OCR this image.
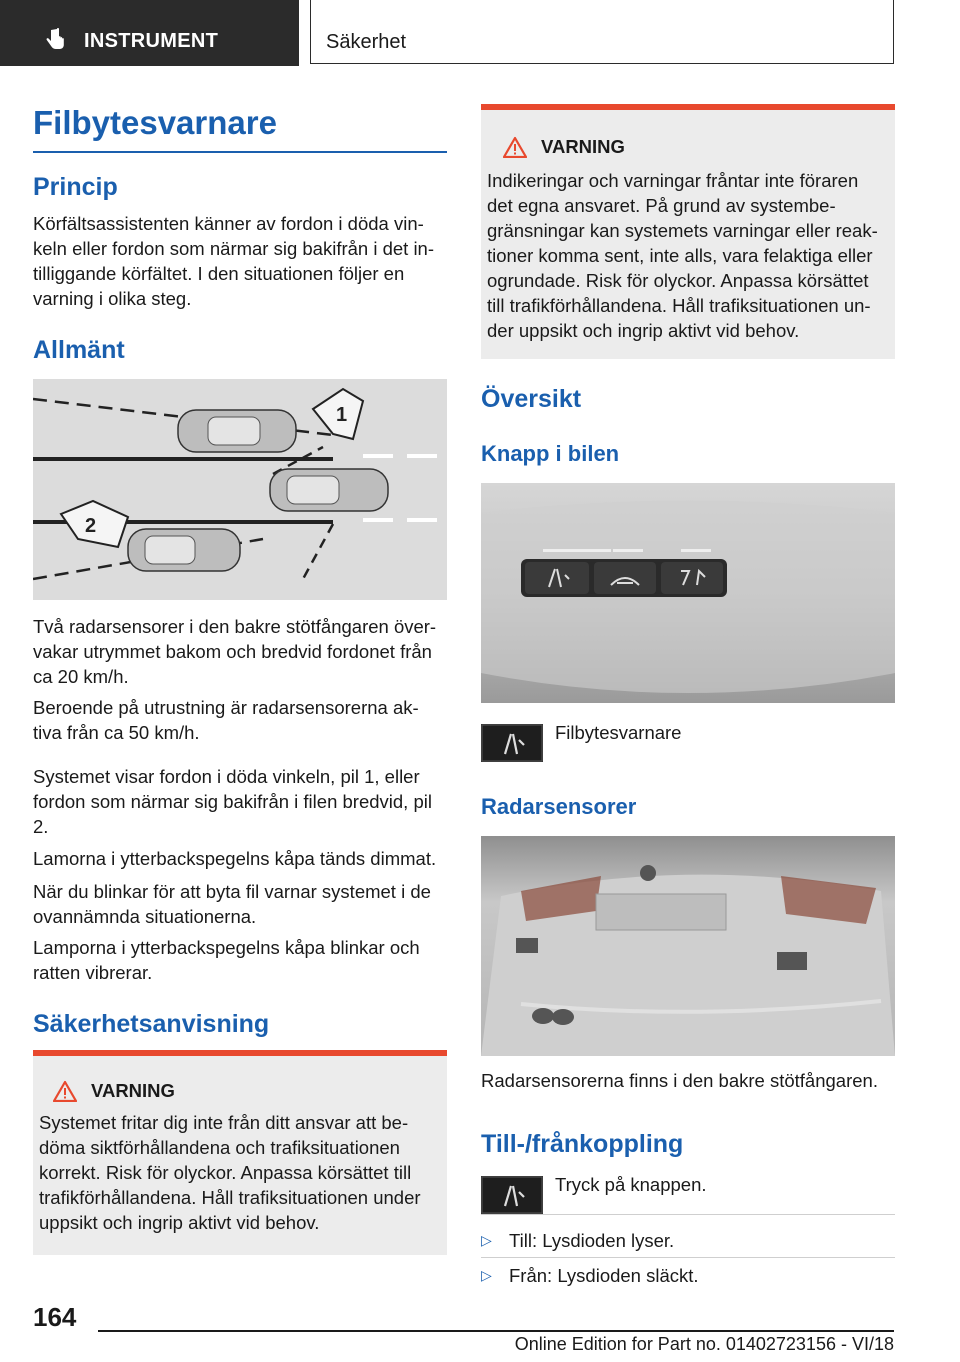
INSTRUMENT	Säkerhet
Filbytesvarnare
Princip
Körfältsassistenten känner av fordon i döda vin-keln eller fordon som närmar sig bakifrån i det in-tilliggande körfältet. I den situationen följer en varning i olika steg.
Allmänt
1
2
Två radarsensorer i den bakre stötfångaren över-vakar utrymmet bakom och bredvid fordonet från ca 20 km/h.
Beroende på utrustning är radarsensorerna ak-tiva från ca 50 km/h.
Systemet visar fordon i döda vinkeln, pil 1, eller fordon som närmar sig bakifrån i filen bredvid, pil 2.
Lamorna i ytterbackspegelns kåpa tänds dimmat.
När du blinkar för att byta fil varnar systemet i de ovannämnda situationerna.
Lamporna i ytterbackspegelns kåpa blinkar och ratten vibrerar.
Säkerhetsanvisning
VARNING
Systemet fritar dig inte från ditt ansvar att be-döma siktförhållandena och trafiksituationen korrekt. Risk för olyckor. Anpassa körsättet till trafikförhållandena. Håll trafiksituationen under uppsikt och ingrip aktivt vid behov.
VARNING
Indikeringar och varningar fråntar inte föraren det egna ansvaret. På grund av systembe-gränsningar kan systemets varningar eller reak-tioner komma sent, inte alls, vara felaktiga eller ogrundade. Risk för olyckor. Anpassa körsättet till trafikförhållandena. Håll trafiksituationen un-der uppsikt och ingrip aktivt vid behov.
Översikt
Knapp i bilen
Filbytesvarnare
Radarsensorer
Radarsensorerna finns i den bakre stötfångaren.
Till-/frånkoppling
Tryck på knappen.
▷ Till: Lysdioden lyser.
▷ Från: Lysdioden släckt.
164
Online Edition for Part no. 01402723156 - VI/18
